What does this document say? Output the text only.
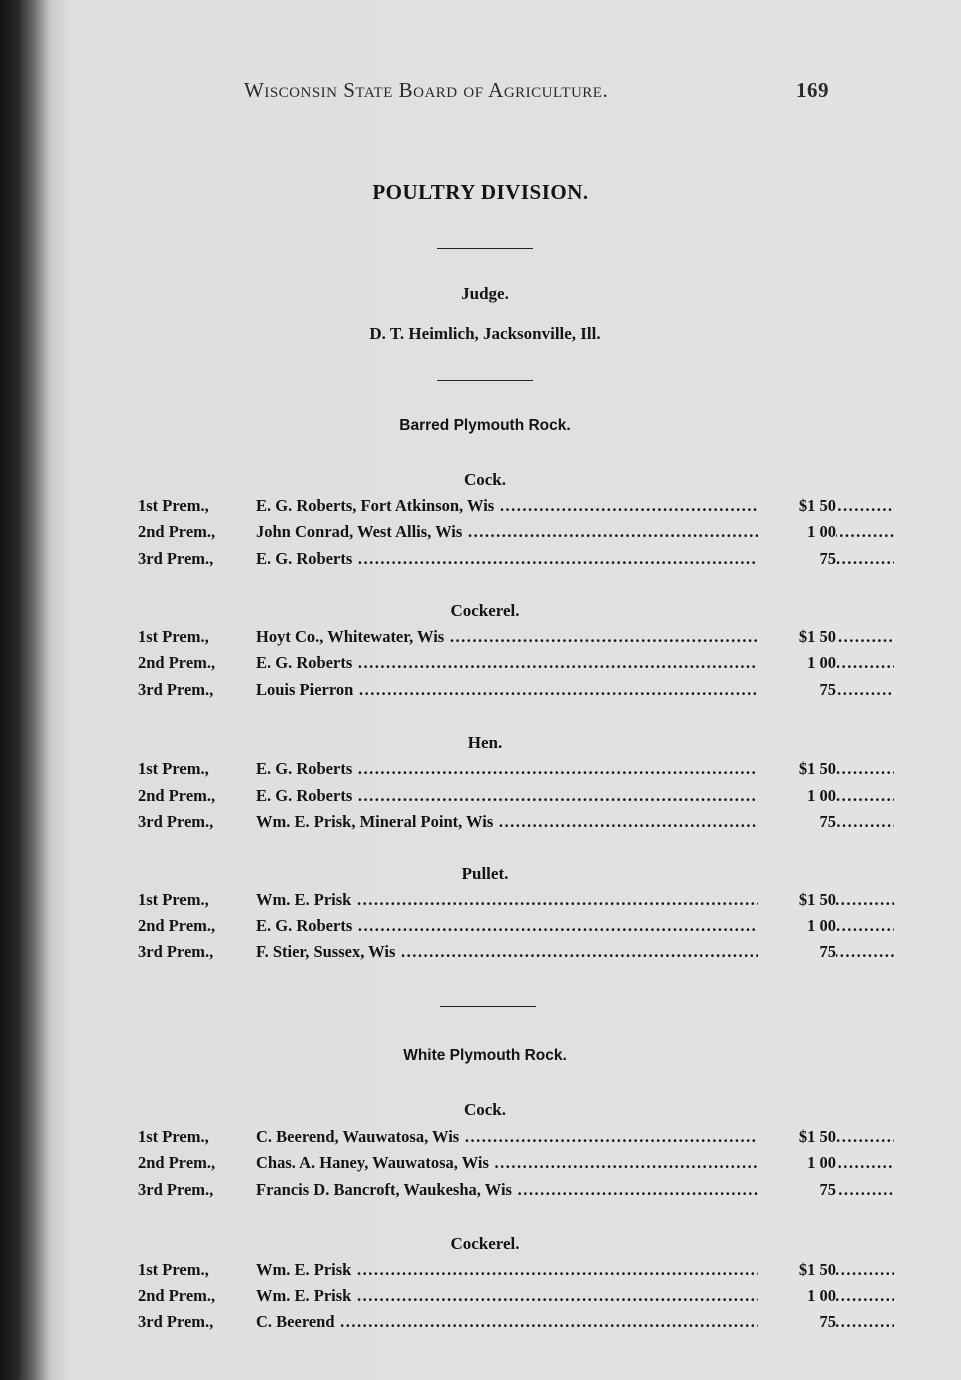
Wisconsin State Board of Agriculture.	169
POULTRY DIVISION.
Judge.
D. T. Heimlich, Jacksonville, Ill.
Barred Plymouth Rock.
Cock.
1st Prem.,	E. G. Roberts, Fort Atkinson, Wis .....	$1 50
2nd Prem., John Conrad, West Allis, Wis .....	1 00
3rd Prem.,	E. G. Roberts .....	75
Cockerel.
1st Prem.,	Hoyt Co., Whitewater, Wis .....	$1 50
2nd Prem., E. G. Roberts .....	1 00
3rd Prem.,	Louis Pierron .....	75
Hen.
1st Prem.,	E. G. Roberts .....	$1 50
2nd Prem., E. G. Roberts .....	1 00
3rd Prem.,	Wm. E. Prisk, Mineral Point, Wis .....	75
Pullet.
1st Prem.,	Wm. E. Prisk .....	$1 50
2nd Prem., E. G. Roberts .....	1 00
3rd Prem.,	F. Stier, Sussex, Wis .....	75
White Plymouth Rock.
Cock.
1st Prem.,	C. Beerend, Wauwatosa, Wis .....	$1 50
2nd Prem., Chas. A. Haney, Wauwatosa, Wis .....	1 00
3rd Prem.,	Francis D. Bancroft, Waukesha, Wis .....	75
Cockerel.
1st Prem.,	Wm. E. Prisk .....	$1 50
2nd Prem., Wm. E. Prisk .....	1 00
3rd Prem.,	C. Beerend .....	75
